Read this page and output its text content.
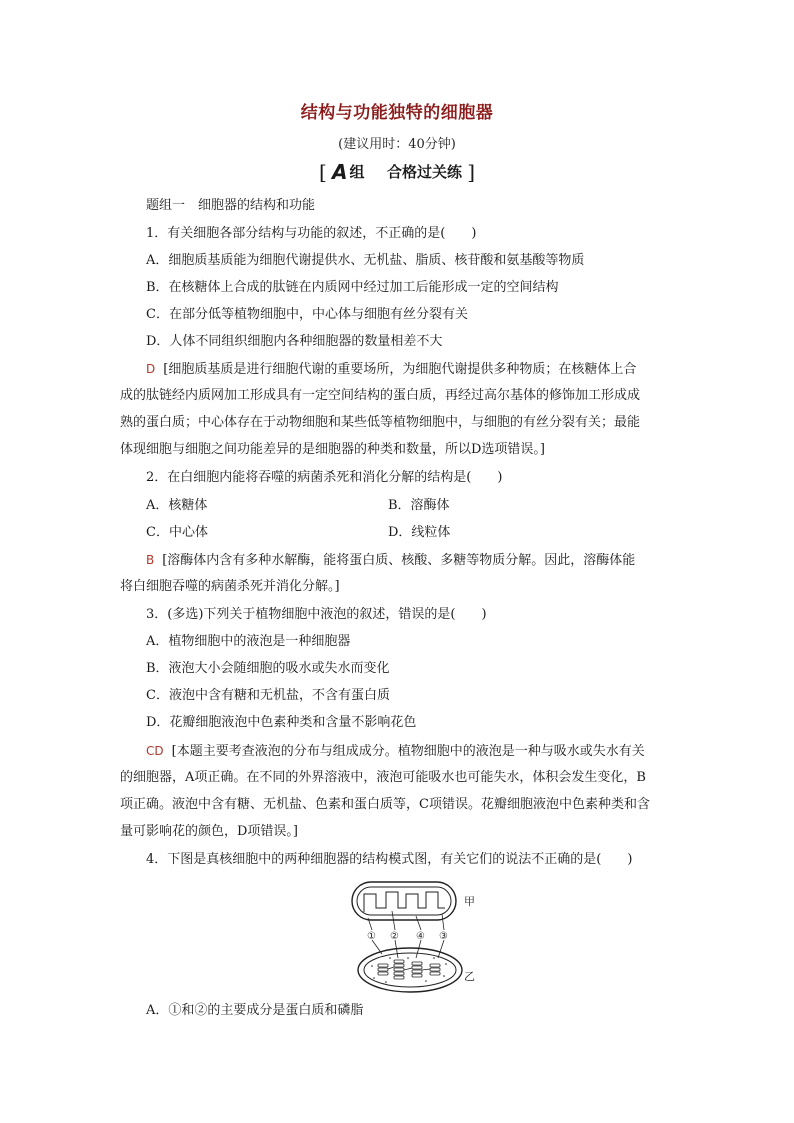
结构与功能独特的细胞器
(建议用时：40分钟)
[ A 组 合格过关练 ]
题组一　细胞器的结构和功能
1．有关细胞各部分结构与功能的叙述，不正确的是(　　)
A．细胞质基质能为细胞代谢提供水、无机盐、脂质、核苷酸和氨基酸等物质
B．在核糖体上合成的肽链在内质网中经过加工后能形成一定的空间结构
C．在部分低等植物细胞中，中心体与细胞有丝分裂有关
D．人体不同组织细胞内各种细胞器的数量相差不大
D [细胞质基质是进行细胞代谢的重要场所，为细胞代谢提供多种物质；在核糖体上合
成的肽链经内质网加工形成具有一定空间结构的蛋白质，再经过高尔基体的修饰加工形成成
熟的蛋白质；中心体存在于动物细胞和某些低等植物细胞中，与细胞的有丝分裂有关；最能
体现细胞与细胞之间功能差异的是细胞器的种类和数量，所以D选项错误。]
2．在白细胞内能将吞噬的病菌杀死和消化分解的结构是(　　)
A．核糖体	B．溶酶体
C．中心体	D．线粒体
B [溶酶体内含有多种水解酶，能将蛋白质、核酸、多糖等物质分解。因此，溶酶体能
将白细胞吞噬的病菌杀死并消化分解。]
3．(多选)下列关于植物细胞中液泡的叙述，错误的是(　　)
A．植物细胞中的液泡是一种细胞器
B．液泡大小会随细胞的吸水或失水而变化
C．液泡中含有糖和无机盐，不含有蛋白质
D．花瓣细胞液泡中色素种类和含量不影响花色
CD [本题主要考查液泡的分布与组成成分。植物细胞中的液泡是一种与吸水或失水有关
的细胞器，A项正确。在不同的外界溶液中，液泡可能吸水也可能失水，体积会发生变化，B
项正确。液泡中含有糖、无机盐、色素和蛋白质等，C项错误。花瓣细胞液泡中色素种类和含
量可影响花的颜色，D项错误。]
4．下图是真核细胞中的两种细胞器的结构模式图，有关它们的说法不正确的是(　　)
甲
乙
① ② ④ ③
A．①和②的主要成分是蛋白质和磷脂
